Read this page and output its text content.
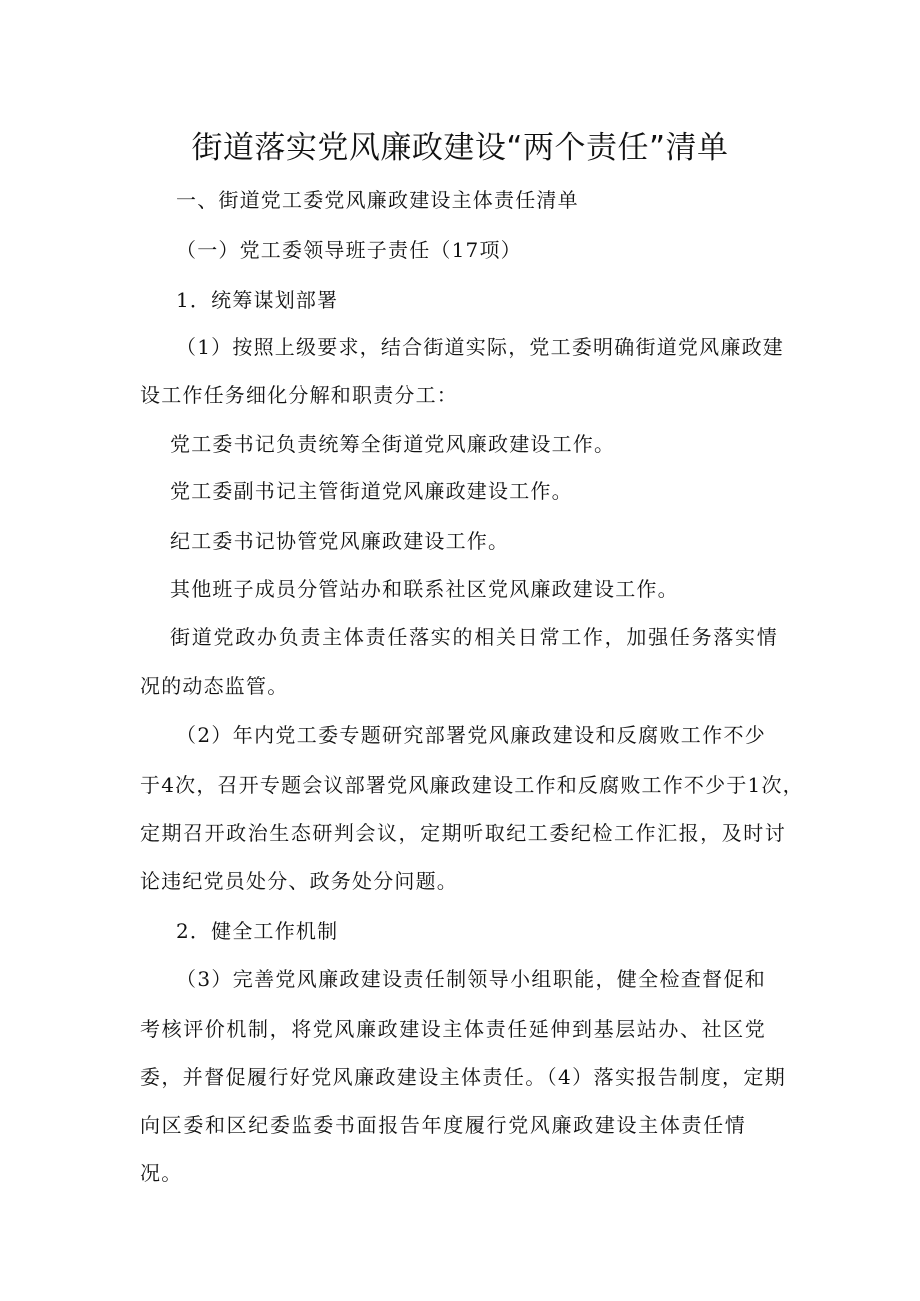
街道落实党风廉政建设“两个责任”清单

一、街道党工委党风廉政建设主体责任清单

（一）党工委领导班子责任（17项）

1．统筹谋划部署

（1）按照上级要求，结合街道实际，党工委明确街道党风廉政建

设工作任务细化分解和职责分工：

党工委书记负责统筹全街道党风廉政建设工作。

党工委副书记主管街道党风廉政建设工作。

纪工委书记协管党风廉政建设工作。

其他班子成员分管站办和联系社区党风廉政建设工作。

街道党政办负责主体责任落实的相关日常工作，加强任务落实情

况的动态监管。

（2）年内党工委专题研究部署党风廉政建设和反腐败工作不少

于4次，召开专题会议部署党风廉政建设工作和反腐败工作不少于1次，

定期召开政治生态研判会议，定期听取纪工委纪检工作汇报，及时讨

论违纪党员处分、政务处分问题。

2．健全工作机制

（3）完善党风廉政建设责任制领导小组职能，健全检查督促和

考核评价机制，将党风廉政建设主体责任延伸到基层站办、社区党

委，并督促履行好党风廉政建设主体责任。（4）落实报告制度，定期

向区委和区纪委监委书面报告年度履行党风廉政建设主体责任情

况。
